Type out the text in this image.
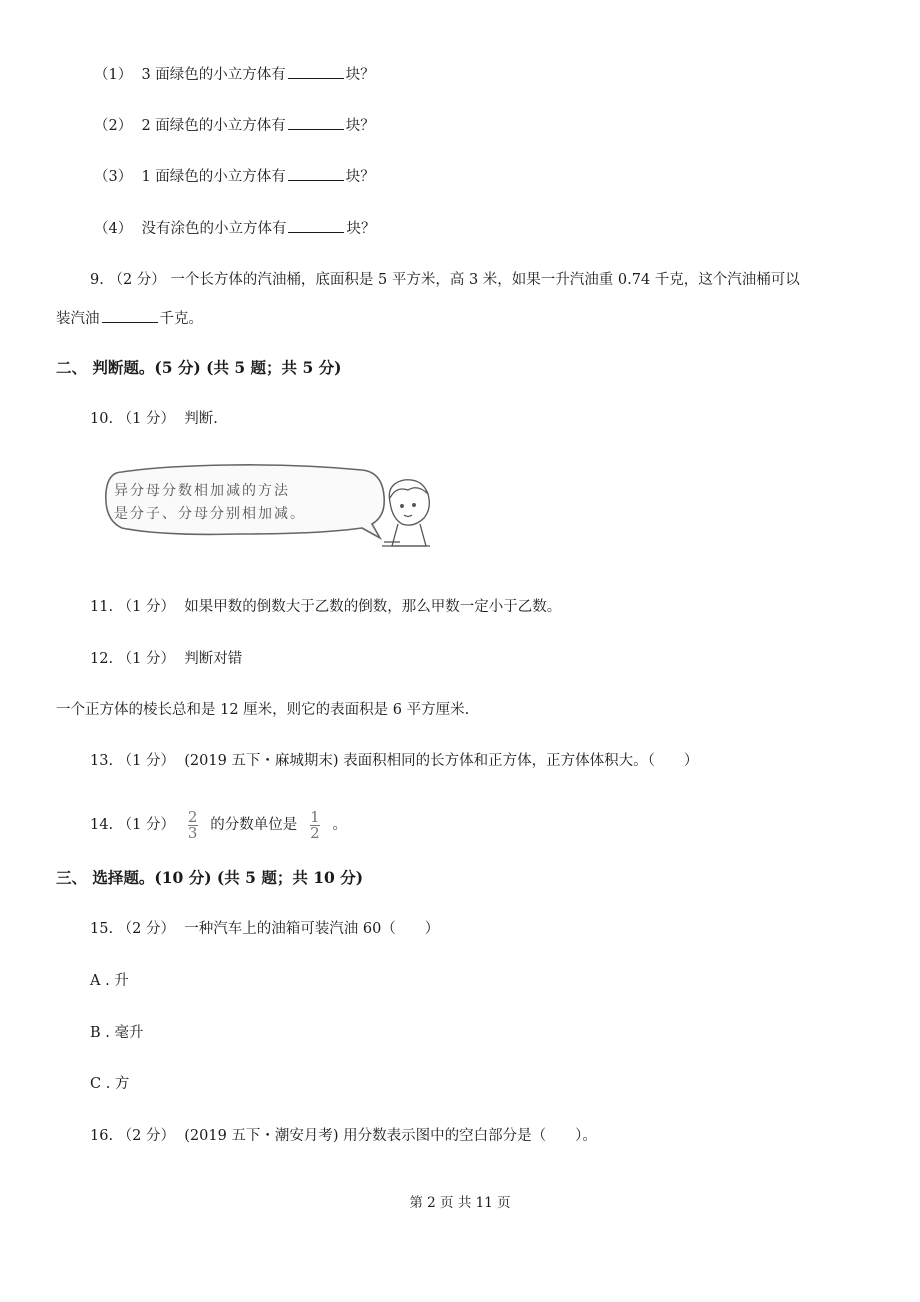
（1） 3 面绿色的小立方体有	块？
（2） 2 面绿色的小立方体有	块？
（3） 1 面绿色的小立方体有	块？
（4） 没有涂色的小立方体有	块？
9. （2 分） 一个长方体的汽油桶，底面积是 5 平方米，高 3 米，如果一升汽油重 0.74 千克，这个汽油桶可以
装汽油	千克。
二、 判断题。(5 分) (共 5 题；共 5 分)
10. （1 分） 判断.
异分母分数相加减的方法
是分子、分母分别相加减。
11. （1 分） 如果甲数的倒数大于乙数的倒数，那么甲数一定小于乙数。
12. （1 分） 判断对错
一个正方体的棱长总和是 12 厘米，则它的表面积是 6 平方厘米.
13. （1 分） (2019 五下・麻城期末) 表面积相同的长方体和正方体，正方体体积大。（　　）
14. （1 分） $\frac{2}{3}$ 的分数单位是 $\frac{1}{2}$ 。
三、 选择题。(10 分) (共 5 题；共 10 分)
15. （2 分） 一种汽车上的油箱可装汽油 60（　　）
A . 升
B . 毫升
C . 方
16. （2 分） (2019 五下・潮安月考) 用分数表示图中的空白部分是（　　）。
第 2 页 共 11 页
